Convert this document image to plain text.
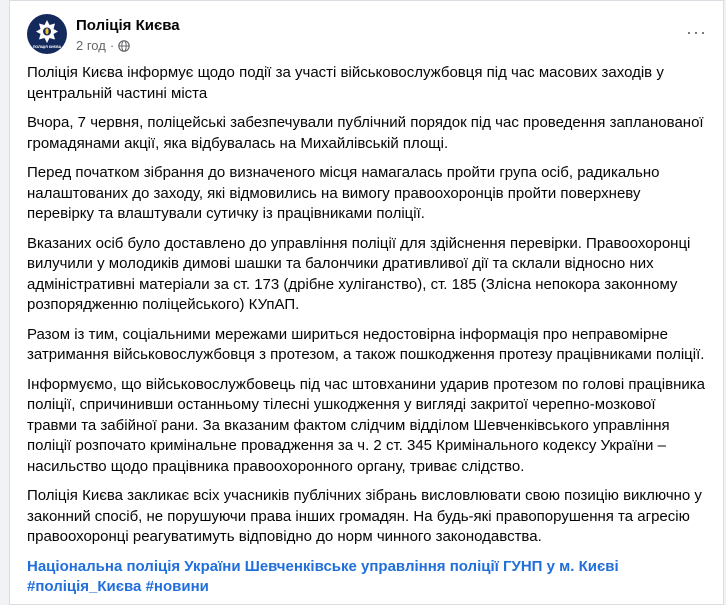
ПОЛІЦІЯ КИЄВА
Поліція Києва
2 год ·
···

Поліція Києва інформує щодо події за участі військовослужбовця під час масових заходів у центральній частині міста

Вчора, 7 червня, поліцейські забезпечували публічний порядок під час проведення запланованої громадянами акції, яка відбувалась на Михайлівській площі.

Перед початком зібрання до визначеного місця намагалась пройти група осіб, радикально налаштованих до заходу, які відмовились на вимогу правоохоронців пройти поверхневу перевірку та влаштували сутичку із працівниками поліції.

Вказаних осіб було доставлено до управління поліції для здійснення перевірки. Правоохоронці вилучили у молодиків димові шашки та балончики дративливої дії та склали відносно них адміністративні матеріали за ст. 173 (дрібне хуліганство), ст. 185 (Злісна непокора законному розпорядженню поліцейського) КУпАП.

Разом із тим, соціальними мережами шириться недостовірна інформація про неправомірне затримання військовослужбовця з протезом, а також пошкодження протезу працівниками поліції.

Інформуємо, що військовослужбовець під час штовханини ударив протезом по голові працівника поліції, спричинивши останньому тілесні ушкодження у вигляді закритої черепно-мозкової травми та забійної рани. За вказаним фактом слідчим відділом Шевченківського управління поліції розпочато кримінальне провадження за ч. 2 ст. 345 Кримінального кодексу України – насильство щодо працівника правоохоронного органу, триває слідство.

Поліція Києва закликає всіх учасників публічних зібрань висловлювати свою позицію виключно у законний спосіб, не порушуючи права інших громадян. На будь-які правопорушення та агресію правоохоронці реагуватимуть відповідно до норм чинного законодавства.

Національна поліція України Шевченківське управління поліції ГУНП у м. Києві
#поліція_Києва #новини
